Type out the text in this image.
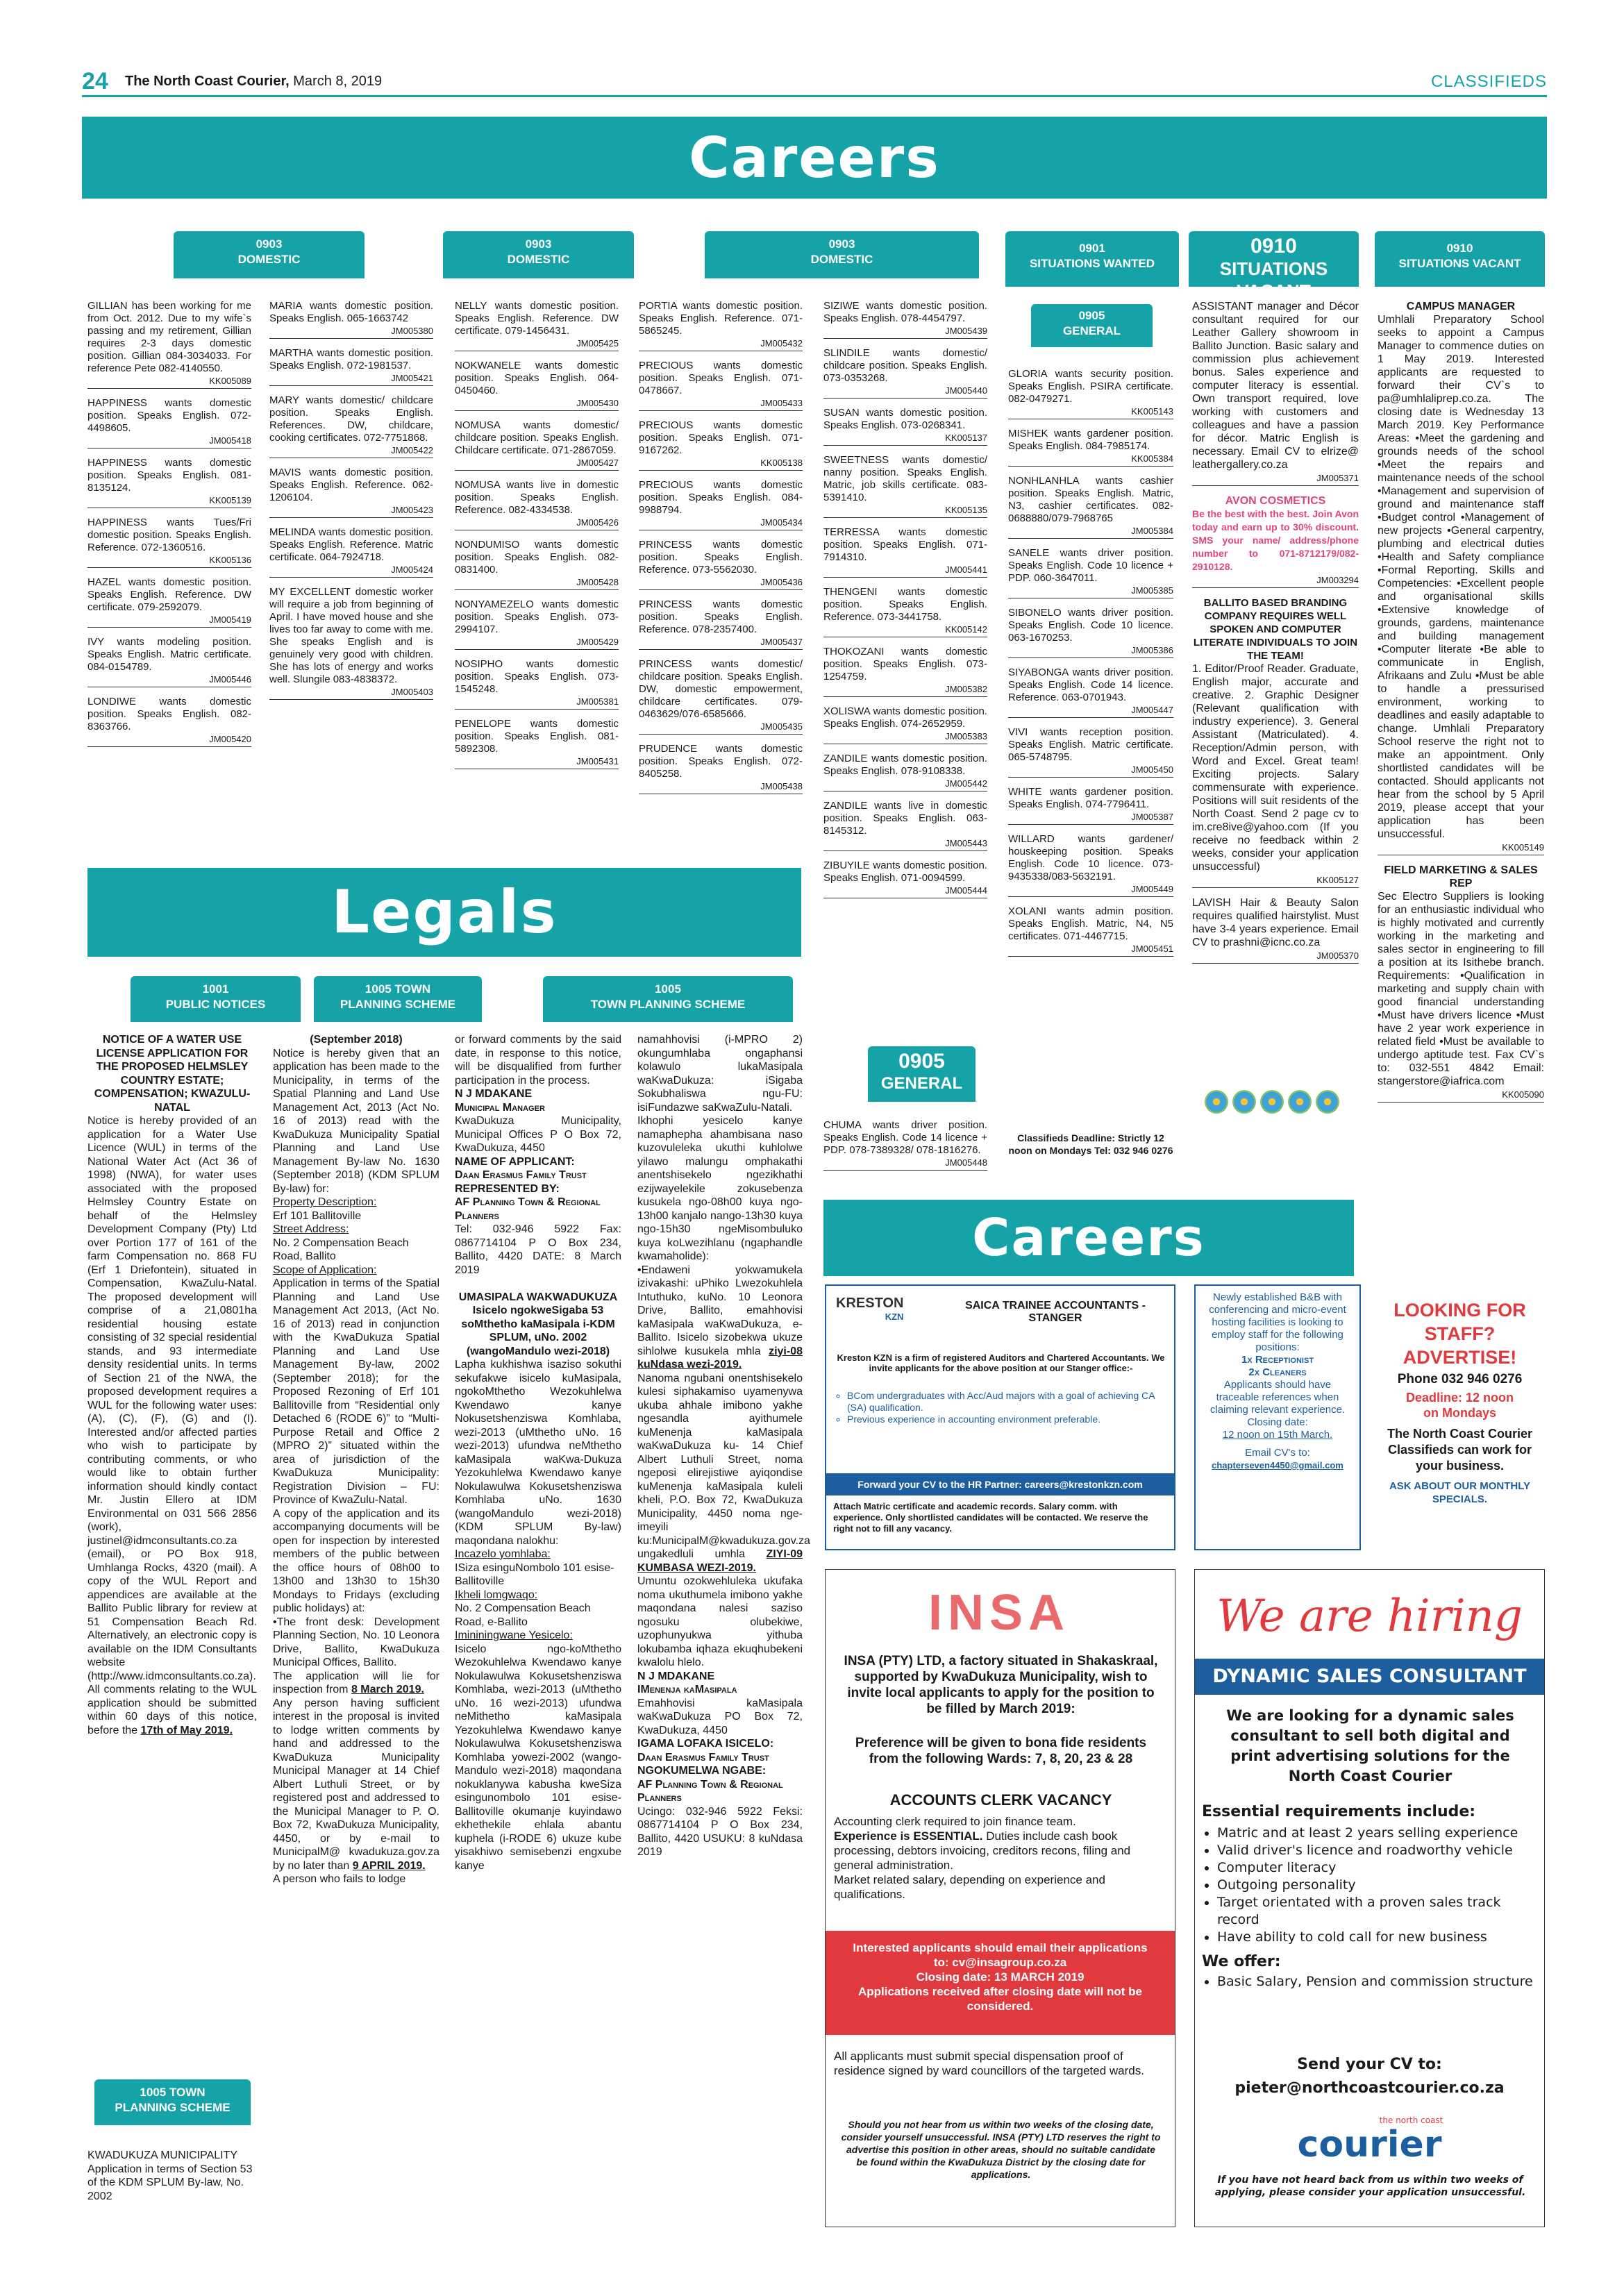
24 The North Coast Courier, March 8, 2019	CLASSIFIEDS
Careers
0903
DOMESTIC
0903
DOMESTIC
0903
DOMESTIC
0901
SITUATIONS WANTED
0910
SITUATIONS VACANT
0910
SITUATIONS VACANT

GILLIAN has been working for me from Oct. 2012. Due to my wife`s passing and my retirement, Gillian requires 2-3 days domestic position. Gillian 084-3034033. For reference Pete 082-4140550.

KK005089

HAPPINESS wants domestic position. Speaks English. 072-4498605.

JM005418

HAPPINESS wants domestic position. Speaks English. 081-8135124.

KK005139

HAPPINESS wants Tues/Fri domestic position. Speaks English. Reference. 072-1360516.

KK005136

HAZEL wants domestic position. Speaks English. Reference. DW certificate. 079-2592079.

JM005419

IVY wants modeling position. Speaks English. Matric certificate. 084-0154789.

JM005446

LONDIWE wants domestic position. Speaks English. 082-8363766.

JM005420

MARIA wants domestic position. Speaks English. 065-1663742

JM005380

MARTHA wants domestic position. Speaks English. 072-1981537.

JM005421

MARY wants domestic/ childcare position. Speaks English. References. DW, childcare, cooking certificates. 072-7751868.

JM005422

MAVIS wants domestic position. Speaks English. Reference. 062-1206104.

JM005423

MELINDA wants domestic position. Speaks English. Reference. Matric certificate. 064-7924718.

JM005424

MY EXCELLENT domestic worker will require a job from beginning of April. I have moved house and she lives too far away to come with me. She speaks English and is genuinely very good with children. She has lots of energy and works well. Slungile 083-4838372.

JM005403

NELLY wants domestic position. Speaks English. Reference. DW certificate. 079-1456431.

JM005425

NOKWANELE wants domestic position. Speaks English. 064-0450460.

JM005430

NOMUSA wants domestic/ childcare position. Speaks English. Childcare certificate. 071-2867059.

JM005427

NOMUSA wants live in domestic position. Speaks English. Reference. 082-4334538.

JM005426

NONDUMISO wants domestic position. Speaks English. 082-0831400.

JM005428

NONYAMEZELO wants domestic position. Speaks English. 073-2994107.

JM005429

NOSIPHO wants domestic position. Speaks English. 073-1545248.

JM005381

PENELOPE wants domestic position. Speaks English. 081-5892308.

JM005431

PORTIA wants domestic position. Speaks English. Reference. 071-5865245.

JM005432

PRECIOUS wants domestic position. Speaks English. 071-0478667.

JM005433

PRECIOUS wants domestic position. Speaks English. 071-9167262.

KK005138

PRECIOUS wants domestic position. Speaks English. 084-9988794.

JM005434

PRINCESS wants domestic position. Speaks English. Reference. 073-5562030.

JM005436

PRINCESS wants domestic position. Speaks English. Reference. 078-2357400.

JM005437

PRINCESS wants domestic/ childcare position. Speaks English. DW, domestic empowerment, childcare certificates. 079-0463629/076-6585666.

JM005435

PRUDENCE wants domestic position. Speaks English. 072-8405258.

JM005438

SIZIWE wants domestic position. Speaks English. 078-4454797.

JM005439

SLINDILE wants domestic/ childcare position. Speaks English. 073-0353268.

JM005440

SUSAN wants domestic position. Speaks English. 073-0268341.

KK005137

SWEETNESS wants domestic/ nanny position. Speaks English. Matric, job skills certificate. 083-5391410.

KK005135

TERRESSA wants domestic position. Speaks English. 071-7914310.

JM005441

THENGENI wants domestic position. Speaks English. Reference. 073-3441758.

KK005142

THOKOZANI wants domestic position. Speaks English. 073-1254759.

JM005382

XOLISWA wants domestic position. Speaks English. 074-2652959.

JM005383

ZANDILE wants domestic position. Speaks English. 078-9108338.

JM005442

ZANDILE wants live in domestic position. Speaks English. 063-8145312.

JM005443

ZIBUYILE wants domestic position. Speaks English. 071-0094599.

JM005444
0905
GENERAL

CHUMA wants driver position. Speaks English. Code 14 licence + PDP. 078-7389328/ 078-1816276.

JM005448
0905
GENERAL

GLORIA wants security position. Speaks English. PSIRA certificate. 082-0479271.

KK005143

MISHEK wants gardener position. Speaks English. 084-7985174.

KK005384

NONHLANHLA wants cashier position. Speaks English. Matric, N3, cashier certificates. 082-0688880/079-7968765

JM005384

SANELE wants driver position. Speaks English. Code 10 licence + PDP. 060-3647011.

JM005385

SIBONELO wants driver position. Speaks English. Code 10 licence. 063-1670253.

JM005386

SIYABONGA wants driver position. Speaks English. Code 14 licence. Reference. 063-0701943.

JM005447

VIVI wants reception position. Speaks English. Matric certificate. 065-5748795.

JM005450

WHITE wants gardener position. Speaks English. 074-7796411.

JM005387

WILLARD wants gardener/ houskeeping position. Speaks English. Code 10 licence. 073-9435338/083-5632191.

JM005449

XOLANI wants admin position. Speaks English. Matric, N4, N5 certificates. 071-4467715.

JM005451
Classifieds Deadline: Strictly 12 noon on Mondays Tel: 032 946 0276

ASSISTANT manager and Décor consultant required for our Leather Gallery showroom in Ballito Junction. Basic salary and commission plus achievement bonus. Sales experience and computer literacy is essential. Own transport required, love working with customers and colleagues and have a passion for décor. Matric English is necessary. Email CV to elrize@ leathergallery.co.za

JM005371
AVON COSMETICS

Be the best with the best. Join Avon today and earn up to 30% discount. SMS your name/ address/phone number to 071-8712179/082-2910128.

JM003294
BALLITO BASED BRANDING COMPANY REQUIRES WELL SPOKEN AND COMPUTER LITERATE INDIVIDUALS TO JOIN THE TEAM!

1. Editor/Proof Reader. Graduate, English major, accurate and creative. 2. Graphic Designer (Relevant qualification with industry experience). 3. General Assistant (Matriculated). 4. Reception/Admin person, with Word and Excel. Great team! Exciting projects. Salary commensurate with experience. Positions will suit residents of the North Coast. Send 2 page cv to im.cre8ive@yahoo.com (If you receive no feedback within 2 weeks, consider your application unsuccessful)

KK005127

LAVISH Hair & Beauty Salon requires qualified hairstylist. Must have 3-4 years experience. Email CV to prashni@icnc.co.za

JM005370
CAMPUS MANAGER

Umhlali Preparatory School seeks to appoint a Campus Manager to commence duties on 1 May 2019. Interested applicants are requested to forward their CV`s to pa@umhlaliprep.co.za. The closing date is Wednesday 13 March 2019. Key Performance Areas: •Meet the gardening and grounds needs of the school •Meet the repairs and maintenance needs of the school •Management and supervision of ground and maintenance staff •Budget control •Management of new projects •General carpentry, plumbing and electrical duties •Health and Safety compliance •Formal Reporting. Skills and Competencies: •Excellent people and organisational skills •Extensive knowledge of grounds, gardens, maintenance and building management •Computer literate •Be able to communicate in English, Afrikaans and Zulu •Must be able to handle a pressurised environment, working to deadlines and easily adaptable to change. Umhlali Preparatory School reserve the right not to make an appointment. Only shortlisted candidates will be contacted. Should applicants not hear from the school by 5 April 2019, please accept that your application has been unsuccessful.

KK005149
FIELD MARKETING & SALES REP

Sec Electro Suppliers is looking for an enthusiastic individual who is highly motivated and currently working in the marketing and sales sector in engineering to fill a position at its Isithebe branch. Requirements: •Qualification in marketing and supply chain with good financial understanding •Must have drivers licence •Must have 2 year work experience in related field •Must be available to undergo aptitude test. Fax CV`s to: 032-551 4842 Email: stangerstore@iafrica.com

KK005090
Legals
1001
PUBLIC NOTICES
1005 TOWN
PLANNING SCHEME
1005
TOWN PLANNING SCHEME
NOTICE OF A WATER USE LICENSE APPLICATION FOR THE PROPOSED HELMSLEY COUNTRY ESTATE; COMPENSATION; KWAZULU-NATAL

Notice is hereby provided of an application for a Water Use Licence (WUL) in terms of the National Water Act (Act 36 of 1998) (NWA), for water uses associated with the proposed Helmsley Country Estate on behalf of the Helmsley Development Company (Pty) Ltd over Portion 177 of 161 of the farm Compensation no. 868 FU (Erf 1 Driefontein), situated in Compensation, KwaZulu-Natal. The proposed development will comprise of a 21,0801ha residential housing estate consisting of 32 special residential stands, and 93 intermediate density residential units. In terms of Section 21 of the NWA, the proposed development requires a WUL for the following water uses: (A), (C), (F), (G) and (I). Interested and/or affected parties who wish to participate by contributing comments, or who would like to obtain further information should kindly contact Mr. Justin Ellero at IDM Environmental on 031 566 2856 (work), justinel@idmconsultants.co.za (email), or PO Box 918, Umhlanga Rocks, 4320 (mail). A copy of the WUL Report and appendices are available at the Ballito Public library for review at 51 Compensation Beach Rd. Alternatively, an electronic copy is available on the IDM Consultants website (http://www.idmconsultants.co.za). All comments relating to the WUL application should be submitted within 60 days of this notice, before the 17th of May 2019.

1005 TOWN
PLANNING SCHEME
KWADUKUZA MUNICIPALITY Application in terms of Section 53 of the KDM SPLUM By-law, No. 2002
(September 2018)

Notice is hereby given that an application has been made to the Municipality, in terms of the Spatial Planning and Land Use Management Act, 2013 (Act No. 16 of 2013) read with the KwaDukuza Municipality Spatial Planning and Land Use Management By-law No. 1630 (September 2018) (KDM SPLUM By-law) for:

Property Description:
Erf 101 Ballitoville
Street Address:
No. 2 Compensation Beach Road, Ballito
Scope of Application:

Application in terms of the Spatial Planning and Land Use Management Act 2013, (Act No. 16 of 2013) read in conjunction with the KwaDukuza Spatial Planning and Land Use Management By-law, 2002 (September 2018); for the Proposed Rezoning of Erf 101 Ballitoville from “Residential only Detached 6 (RODE 6)” to “Multi-Purpose Retail and Office 2 (MPRO 2)” situated within the area of jurisdiction of the KwaDukuza Municipality: Registration Division – FU: Province of KwaZulu-Natal.

A copy of the application and its accompanying documents will be open for inspection by interested members of the public between the office hours of 08h00 to 13h00 and 13h30 to 15h30 Mondays to Fridays (excluding public holidays) at:

•The front desk: Development Planning Section, No. 10 Leonora Drive, Ballito, KwaDukuza Municipal Offices, Ballito.

The application will lie for inspection from 8 March 2019.

Any person having sufficient interest in the proposal is invited to lodge written comments by hand and addressed to the KwaDukuza Municipality Municipal Manager at 14 Chief Albert Luthuli Street, or by registered post and addressed to the Municipal Manager to P. O. Box 72, KwaDukuza Municipality, 4450, or by e-mail to MunicipalM@ kwadukuza.gov.za by no later than 9 APRIL 2019.

A person who fails to lodge

or forward comments by the said date, in response to this notice, will be disqualified from further participation in the process.

N J MDAKANE
Municipal Manager

KwaDukuza Municipality, Municipal Offices P O Box 72, KwaDukuza, 4450

NAME OF APPLICANT:
Daan Erasmus Family Trust
REPRESENTED BY:
AF Planning Town & Regional Planners

Tel: 032-946 5922 Fax: 0867714104 P O Box 234, Ballito, 4420 DATE: 8 March 2019

UMASIPALA WAKWADUKUZA Isicelo ngokweSigaba 53 soMthetho kaMasipala i-KDM SPLUM, uNo. 2002 (wangoMandulo wezi-2018)

Lapha kukhishwa isaziso sokuthi sekufakwe isicelo kuMasipala, ngokoMthetho Wezokuhlelwa Kwendawo kanye Nokusetshenziswa Komhlaba, wezi-2013 (uMthetho uNo. 16 wezi-2013) ufundwa neMthetho kaMasipala waKwa-Dukuza Yezokuhlelwa Kwendawo kanye Nokulawulwa Kokusetshenziswa Komhlaba uNo. 1630 (wangoMandulo wezi-2018) (KDM SPLUM By-law) maqondana nalokhu:

Incazelo yomhlaba:
ISiza esinguNombolo 101 esise-Ballitoville
Ikheli lomgwaqo:
No. 2 Compensation Beach Road, e-Ballito
Imininingwane Yesicelo:

Isicelo ngo-koMthetho Wezokuhlelwa Kwendawo kanye Nokulawulwa Kokusetshenziswa Komhlaba, wezi-2013 (uMthetho uNo. 16 wezi-2013) ufundwa neMithetho kaMasipala Yezokuhlelwa Kwendawo kanye Nokulawulwa Kokusetshenziswa Komhlaba yowezi-2002 (wango-Mandulo wezi-2018) maqondana nokuklanywa kabusha kweSiza esingunombolo 101 esise-Ballitoville okumanje kuyindawo ekhethekile ehlala abantu kuphela (i-RODE 6) ukuze kube yisakhiwo semisebenzi engxube kanye

namahhovisi (i-MPRO 2) okungumhlaba ongaphansi kolawulo lukaMasipala waKwaDukuza: iSigaba Sokubhaliswa ngu-FU: isiFundazwe saKwaZulu-Natali.

Ikhophi yesicelo kanye namaphepha ahambisana naso kuzovuleleka ukuthi kuhlolwe yilawo malungu omphakathi anentshisekelo ngezikhathi ezijwayelekile zokusebenza kusukela ngo-08h00 kuya ngo-13h00 kanjalo nango-13h30 kuya ngo-15h30 ngeMisombuluko kuya koLwezihlanu (ngaphandle kwamaholide):

•Endaweni yokwamukela izivakashi: uPhiko Lwezokuhlela Intuthuko, kuNo. 10 Leonora Drive, Ballito, emahhovisi kaMasipala waKwaDukuza, e-Ballito. Isicelo sizobekwa ukuze sihlolwe kusukela mhla ziyi-08 kuNdasa wezi-2019.

Nanoma ngubani onentshisekelo kulesi siphakamiso uyamenywa ukuba ahhale imibono yakhe ngesandla ayithumele kuMenenja kaMasipala waKwaDukuza ku- 14 Chief Albert Luthuli Street, noma ngeposi elirejistiwe ayiqondise kuMenenja kaMasipala kuleli kheli, P.O. Box 72, KwaDukuza Municipality, 4450 noma nge-imeyili ku:MunicipalM@kwadukuza.gov.za ungakedluli umhla ZIYI-09 KUMBASA WEZI-2019.

Umuntu ozokwehluleka ukufaka noma ukuthumela imibono yakhe maqondana nalesi saziso ngosuku olubekiwe, uzophunyukwa yithuba lokubamba iqhaza ekuqhubekeni kwalolu hlelo.

N J MDAKANE
IMenenja kaMasipala

Emahhovisi kaMasipala waKwaDukuza PO Box 72, KwaDukuza, 4450

IGAMA LOFAKA ISICELO:
Daan Erasmus Family Trust
NGOKUMELWA NGABE:
AF Planning Town & Regional Planners

Ucingo: 032-946 5922 Feksi: 0867714104 P O Box 234, Ballito, 4420 USUKU: 8 kuNdasa 2019

Careers
KRESTON
KZN
SAICA TRAINEE ACCOUNTANTS - STANGER
Kreston KZN is a firm of registered Auditors and Chartered Accountants. We invite applicants for the above position at our Stanger office:-
◦ BCom undergraduates with Acc/Aud majors with a goal of achieving CA (SA) qualification.
◦ Previous experience in accounting environment preferable.
Forward your CV to the HR Partner: careers@krestonkzn.com
Attach Matric certificate and academic records. Salary comm. with experience. Only shortlisted candidates will be contacted. We reserve the right not to fill any vacancy.
Newly established B&B with conferencing and micro-event hosting facilities is looking to employ staff for the following positions:
1x Receptionist
2x Cleaners
Applicants should have traceable references when claiming relevant experience. Closing date:
12 noon on 15th March.
Email CV's to:
chapterseven4450@gmail.com
LOOKING FOR
STAFF?
ADVERTISE!
Phone 032 946 0276
Deadline: 12 noon
on Mondays
The North Coast Courier Classifieds can work for your business.
ASK ABOUT OUR MONTHLY SPECIALS.
INSA
INSA (PTY) LTD, a factory situated in Shakaskraal, supported by KwaDukuza Municipality, wish to invite local applicants to apply for the position to be filled by March 2019:
Preference will be given to bona fide residents from the following Wards: 7, 8, 20, 23 & 28
ACCOUNTS CLERK VACANCY
Accounting clerk required to join finance team.
Experience is ESSENTIAL. Duties include cash book processing, debtors invoicing, creditors recons, filing and general administration.
Market related salary, depending on experience and qualifications.
Interested applicants should email their applications to: cv@insagroup.co.za
Closing date: 13 MARCH 2019
Applications received after closing date will not be considered.
All applicants must submit special dispensation proof of residence signed by ward councillors of the targeted wards.
Should you not hear from us within two weeks of the closing date, consider yourself unsuccessful. INSA (PTY) LTD reserves the right to advertise this position in other areas, should no suitable candidate be found within the KwaDukuza District by the closing date for applications.
We are hiring
DYNAMIC SALES CONSULTANT
We are looking for a dynamic sales consultant to sell both digital and print advertising solutions for the North Coast Courier
Essential requirements include:
• Matric and at least 2 years selling experience
• Valid driver's licence and roadworthy vehicle
• Computer literacy
• Outgoing personality
• Target orientated with a proven sales track record
• Have ability to cold call for new business
We offer:
• Basic Salary, Pension and commission structure
Send your CV to:
pieter@northcoastcourier.co.za
the north coast
courier
If you have not heard back from us within two weeks of applying, please consider your application unsuccessful.
